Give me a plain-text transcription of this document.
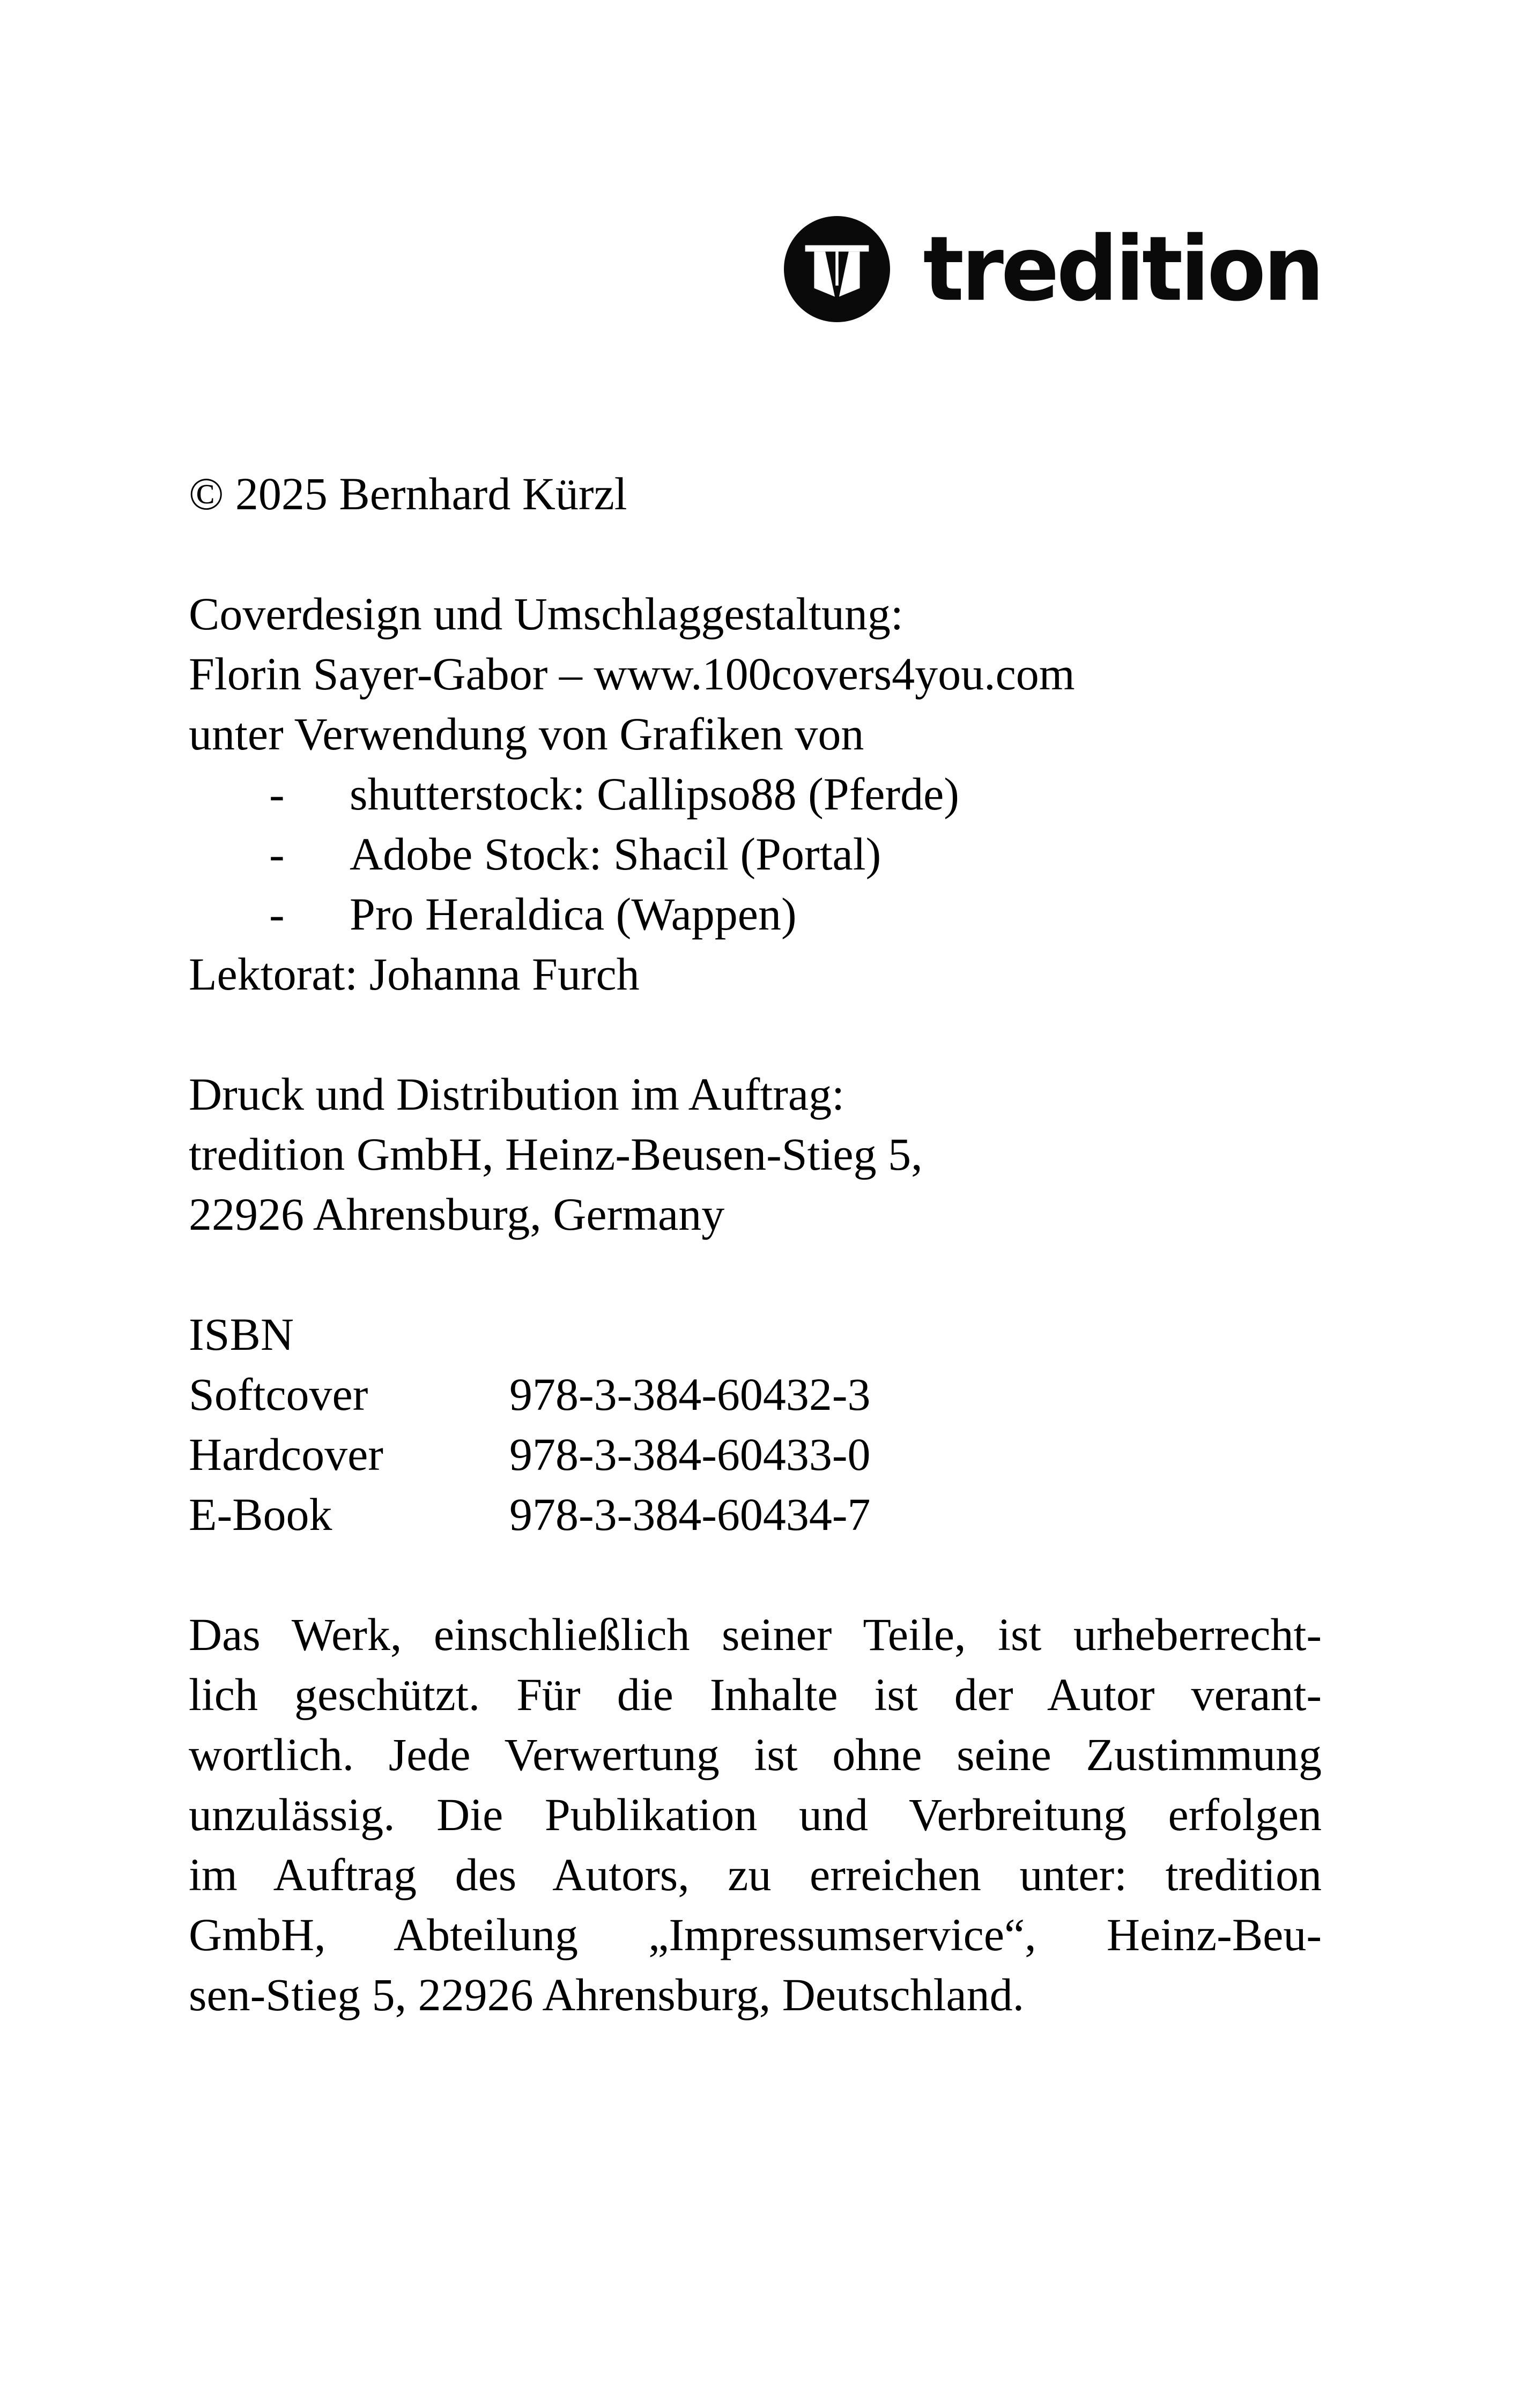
tredition

© 2025 Bernhard Kürzl

Coverdesign und Umschlaggestaltung:

Florin Sayer-Gabor – www.100covers4you.com

unter Verwendung von Grafiken von

- shutterstock: Callipso88 (Pferde)
- Adobe Stock: Shacil (Portal)
- Pro Heraldica (Wappen)

Lektorat: Johanna Furch

Druck und Distribution im Auftrag:

tredition GmbH, Heinz-Beusen-Stieg 5,

22926 Ahrensburg, Germany

ISBN

Softcover	978-3-384-60432-3
Hardcover	978-3-384-60433-0
E-Book	978-3-384-60434-7

Das Werk, einschließlich seiner Teile, ist urheberrecht-

lich geschützt. Für die Inhalte ist der Autor verant-

wortlich. Jede Verwertung ist ohne seine Zustimmung

unzulässig. Die Publikation und Verbreitung erfolgen

im Auftrag des Autors, zu erreichen unter: tredition

GmbH, Abteilung „Impressumservice“, Heinz-Beu-

sen-Stieg 5, 22926 Ahrensburg, Deutschland.
